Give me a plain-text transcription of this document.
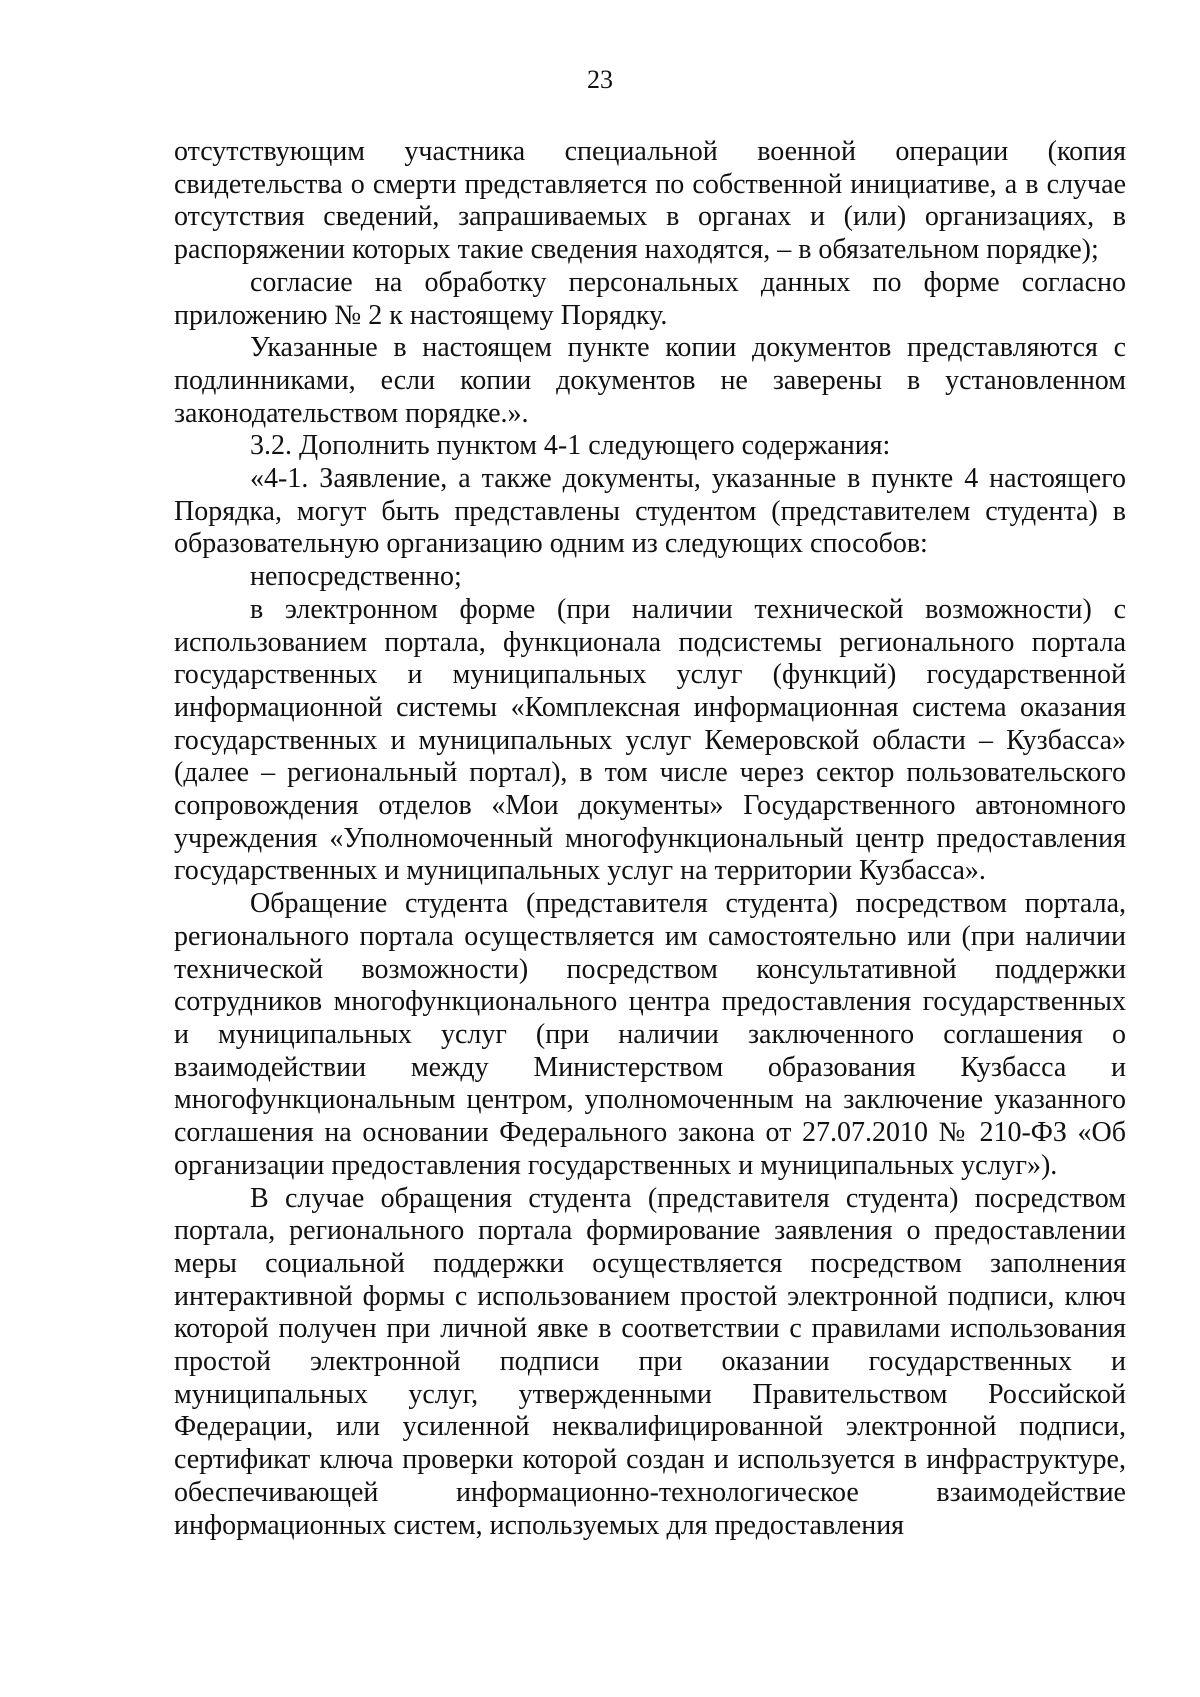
23

отсутствующим участника специальной военной операции (копия свидетельства о смерти представляется по собственной инициативе, а в случае отсутствия сведений, запрашиваемых в органах и (или) организациях, в распоряжении которых такие сведения находятся, – в обязательном порядке);

согласие на обработку персональных данных по форме согласно приложению № 2 к настоящему Порядку.

Указанные в настоящем пункте копии документов представляются с подлинниками, если копии документов не заверены в установленном законодательством порядке.».

3.2. Дополнить пунктом 4-1 следующего содержания:

«4-1. Заявление, а также документы, указанные в пункте 4 настоящего Порядка, могут быть представлены студентом (представителем студента) в образовательную организацию одним из следующих способов:

непосредственно;

в электронном форме (при наличии технической возможности) с использованием портала, функционала подсистемы регионального портала государственных и муниципальных услуг (функций) государственной информационной системы «Комплексная информационная система оказания государственных и муниципальных услуг Кемеровской области – Кузбасса» (далее – региональный портал), в том числе через сектор пользовательского сопровождения отделов «Мои документы» Государственного автономного учреждения «Уполномоченный многофункциональный центр предоставления государственных и муниципальных услуг на территории Кузбасса».

Обращение студента (представителя студента) посредством портала, регионального портала осуществляется им самостоятельно или (при наличии технической возможности) посредством консультативной поддержки сотрудников многофункционального центра предоставления государственных и муниципальных услуг (при наличии заключенного соглашения о взаимодействии между Министерством образования Кузбасса и многофункциональным центром, уполномоченным на заключение указанного соглашения на основании Федерального закона от 27.07.2010 № 210-ФЗ «Об организации предоставления государственных и муниципальных услуг»).

В случае обращения студента (представителя студента) посредством портала, регионального портала формирование заявления о предоставлении меры социальной поддержки осуществляется посредством заполнения интерактивной формы с использованием простой электронной подписи, ключ которой получен при личной явке в соответствии с правилами использования простой электронной подписи при оказании государственных и муниципальных услуг, утвержденными Правительством Российской Федерации, или усиленной неквалифицированной электронной подписи, сертификат ключа проверки которой создан и используется в инфраструктуре, обеспечивающей информационно-технологическое взаимодействие информационных систем, используемых для предоставления
